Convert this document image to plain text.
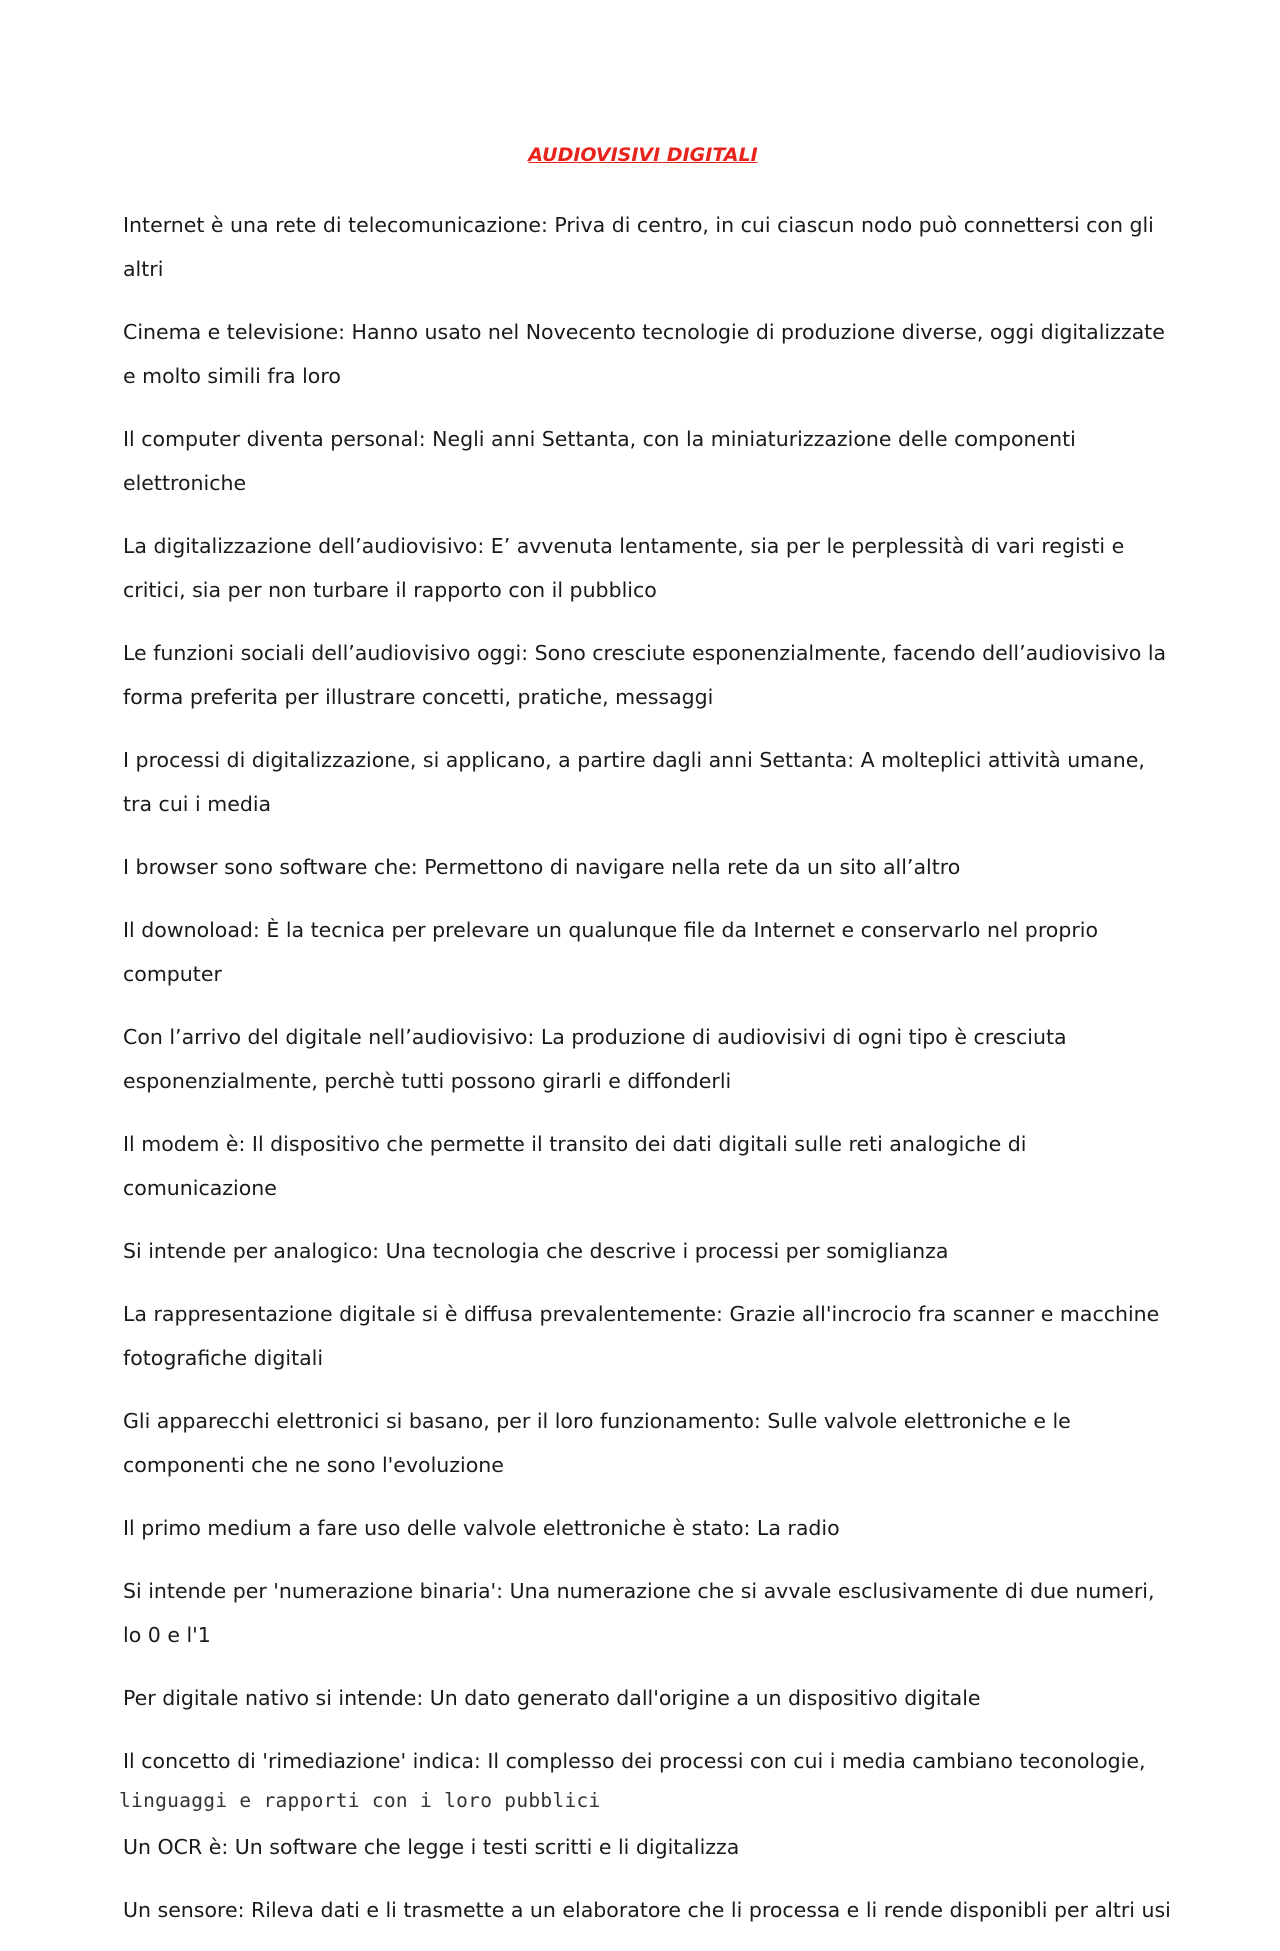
AUDIOVISIVI DIGITALI

Internet è una rete di telecomunicazione: Priva di centro, in cui ciascun nodo può connettersi con gli altri

Cinema e televisione: Hanno usato nel Novecento tecnologie di produzione diverse, oggi digitalizzate e molto simili fra loro

Il computer diventa personal: Negli anni Settanta, con la miniaturizzazione delle componenti elettroniche

La digitalizzazione dell’audiovisivo: E’ avvenuta lentamente, sia per le perplessità di vari registi e critici, sia per non turbare il rapporto con il pubblico

Le funzioni sociali dell’audiovisivo oggi: Sono cresciute esponenzialmente, facendo dell’audiovisivo la forma preferita per illustrare concetti, pratiche, messaggi

I processi di digitalizzazione, si applicano, a partire dagli anni Settanta: A molteplici attività umane, tra cui i media

I browser sono software che: Permettono di navigare nella rete da un sito all’altro

Il downoload: È la tecnica per prelevare un qualunque file da Internet e conservarlo nel proprio computer

Con l’arrivo del digitale nell’audiovisivo: La produzione di audiovisivi di ogni tipo è cresciuta esponenzialmente, perchè tutti possono girarli e diffonderli

Il modem è: Il dispositivo che permette il transito dei dati digitali sulle reti analogiche di comunicazione

Si intende per analogico: Una tecnologia che descrive i processi per somiglianza

La rappresentazione digitale si è diffusa prevalentemente: Grazie all'incrocio fra scanner e macchine fotografiche digitali

Gli apparecchi elettronici si basano, per il loro funzionamento: Sulle valvole elettroniche e le componenti che ne sono l'evoluzione

Il primo medium a fare uso delle valvole elettroniche è stato: La radio

Si intende per 'numerazione binaria': Una numerazione che si avvale esclusivamente di due numeri, lo 0 e l'1

Per digitale nativo si intende: Un dato generato dall'origine a un dispositivo digitale

Il concetto di 'rimediazione' indica: Il complesso dei processi con cui i media cambiano teconologie,
linguaggi e rapporti con i loro pubblici

Un OCR è: Un software che legge i testi scritti e li digitalizza

Un sensore: Rileva dati e li trasmette a un elaboratore che li processa e li rende disponibli per altri usi
